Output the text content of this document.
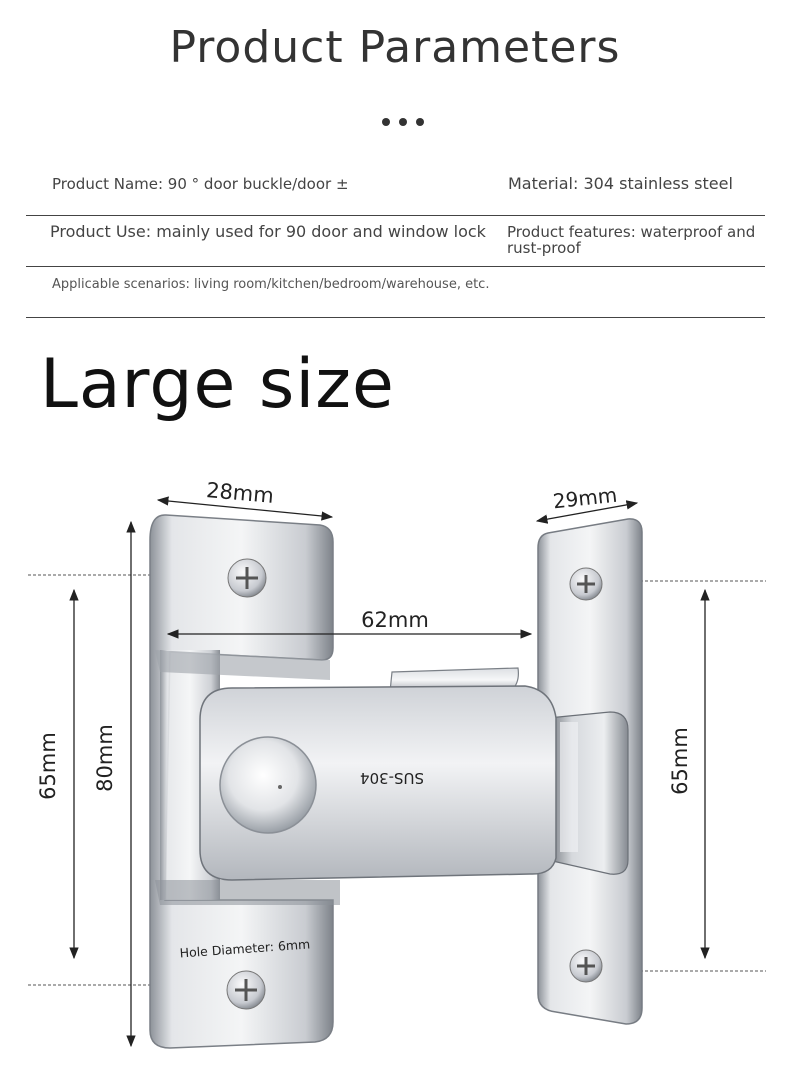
Product Parameters
Product Name: 90 ° door buckle/door ±	Material: 304 stainless steel
Product Use: mainly used for 90 door and window lock Product features: waterproof and
rust-proof
Applicable scenarios: living room/kitchen/bedroom/warehouse, etc.
Large size
SUS-304
28mm	29mm
62mm
65mm 80mm	65mm
Hole Diameter: 6mm
